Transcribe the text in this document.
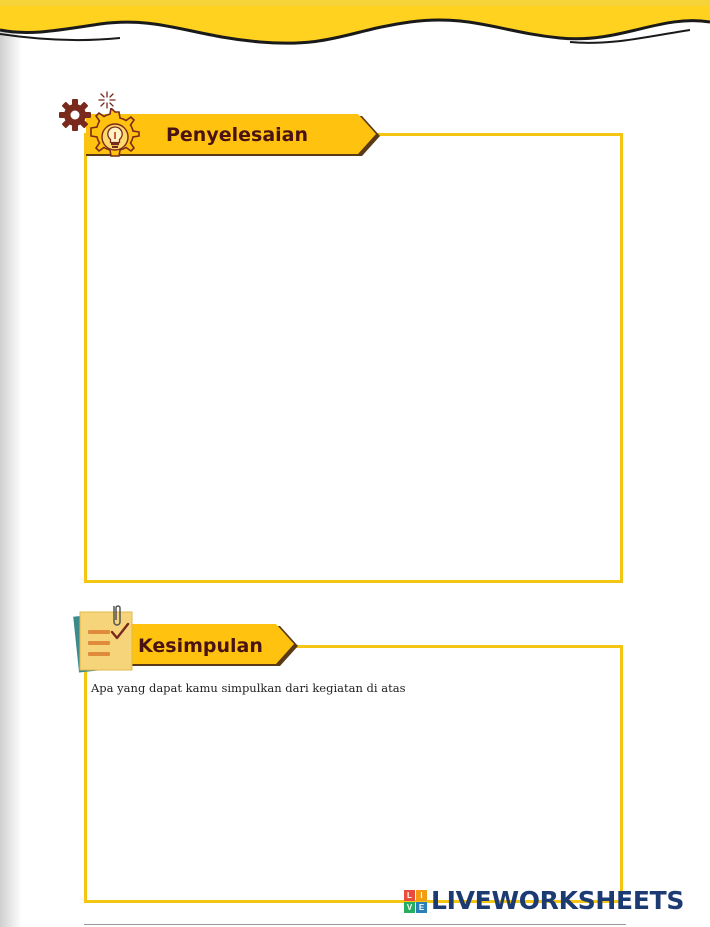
Penyelesaian
Kesimpulan
Apa yang dapat kamu simpulkan dari kegiatan di atas
L	I
V E LIVEWORKSHEETS
